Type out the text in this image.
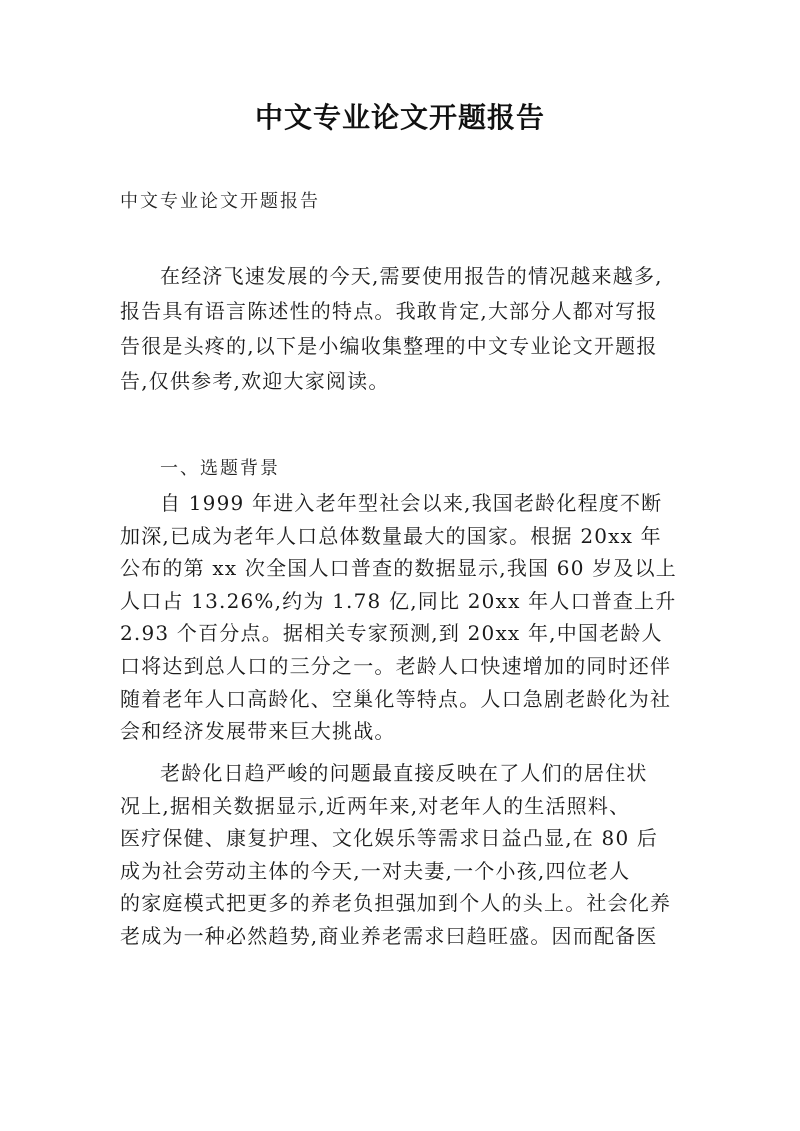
中文专业论文开题报告
中文专业论文开题报告
在经济飞速发展的今天,需要使用报告的情况越来越多,
报告具有语言陈述性的特点。我敢肯定,大部分人都对写报
告很是头疼的,以下是小编收集整理的中文专业论文开题报
告,仅供参考,欢迎大家阅读。
一、选题背景
自 1999 年进入老年型社会以来,我国老龄化程度不断
加深,已成为老年人口总体数量最大的国家。根据 20xx 年
公布的第 xx 次全国人口普查的数据显示,我国 60 岁及以上
人口占 13.26%,约为 1.78 亿,同比 20xx 年人口普查上升
2.93 个百分点。据相关专家预测,到 20xx 年,中国老龄人
口将达到总人口的三分之一。老龄人口快速增加的同时还伴
随着老年人口高龄化、空巢化等特点。人口急剧老龄化为社
会和经济发展带来巨大挑战。
老龄化日趋严峻的问题最直接反映在了人们的居住状
况上,据相关数据显示,近两年来,对老年人的生活照料、
医疗保健、康复护理、文化娱乐等需求日益凸显,在 80 后
成为社会劳动主体的今天,一对夫妻,一个小孩,四位老人
的家庭模式把更多的养老负担强加到个人的头上。社会化养
老成为一种必然趋势,商业养老需求曰趋旺盛。因而配备医
